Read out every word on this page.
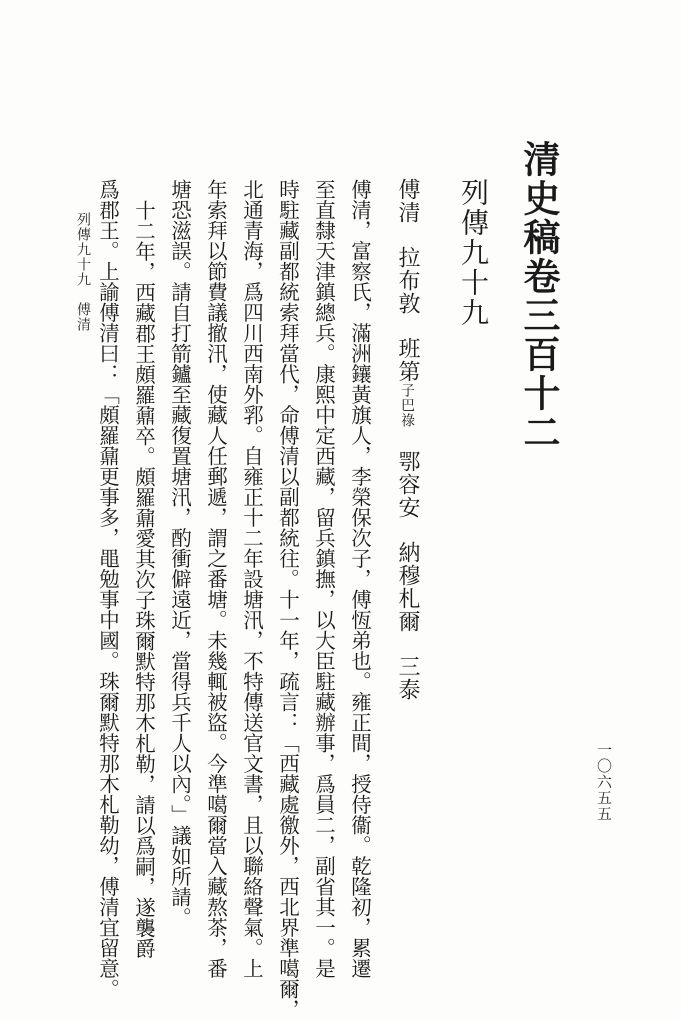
清史稿卷三百十二
列傳九十九
傅清拉布敦班第子巴祿鄂容安納穆札爾三泰
傅清，富察氏，滿洲鑲黃旗人，李榮保次子，傅恆弟也。雍正間，授侍衞。乾隆初，累遷
至直隸天津鎮總兵。康熙中定西藏，留兵鎮撫，以大臣駐藏辦事，爲員二，副省其一。是
時駐藏副都統索拜當代，命傅清以副都統往。十一年，疏言：「西藏處徼外，西北界準噶爾，
北通青海，爲四川西南外郛。自雍正十二年設塘汛，不特傳送官文書，且以聯絡聲氣。上
年索拜以節費議撤汛，使藏人任郵遞，謂之番塘。未幾輒被盜。今準噶爾當入藏熬茶，番
塘恐滋誤。請自打箭鑪至藏復置塘汛，酌衝僻遠近，當得兵千人以內。」議如所請。
十二年，西藏郡王頗羅鼐卒。頗羅鼐愛其次子珠爾默特那木札勒，請以爲嗣，遂襲爵
爲郡王。上諭傅清曰：「頗羅鼐更事多，黽勉事中國。珠爾默特那木札勒幼，傅清宜留意。
列傳九十九　傅清
一〇六五五
